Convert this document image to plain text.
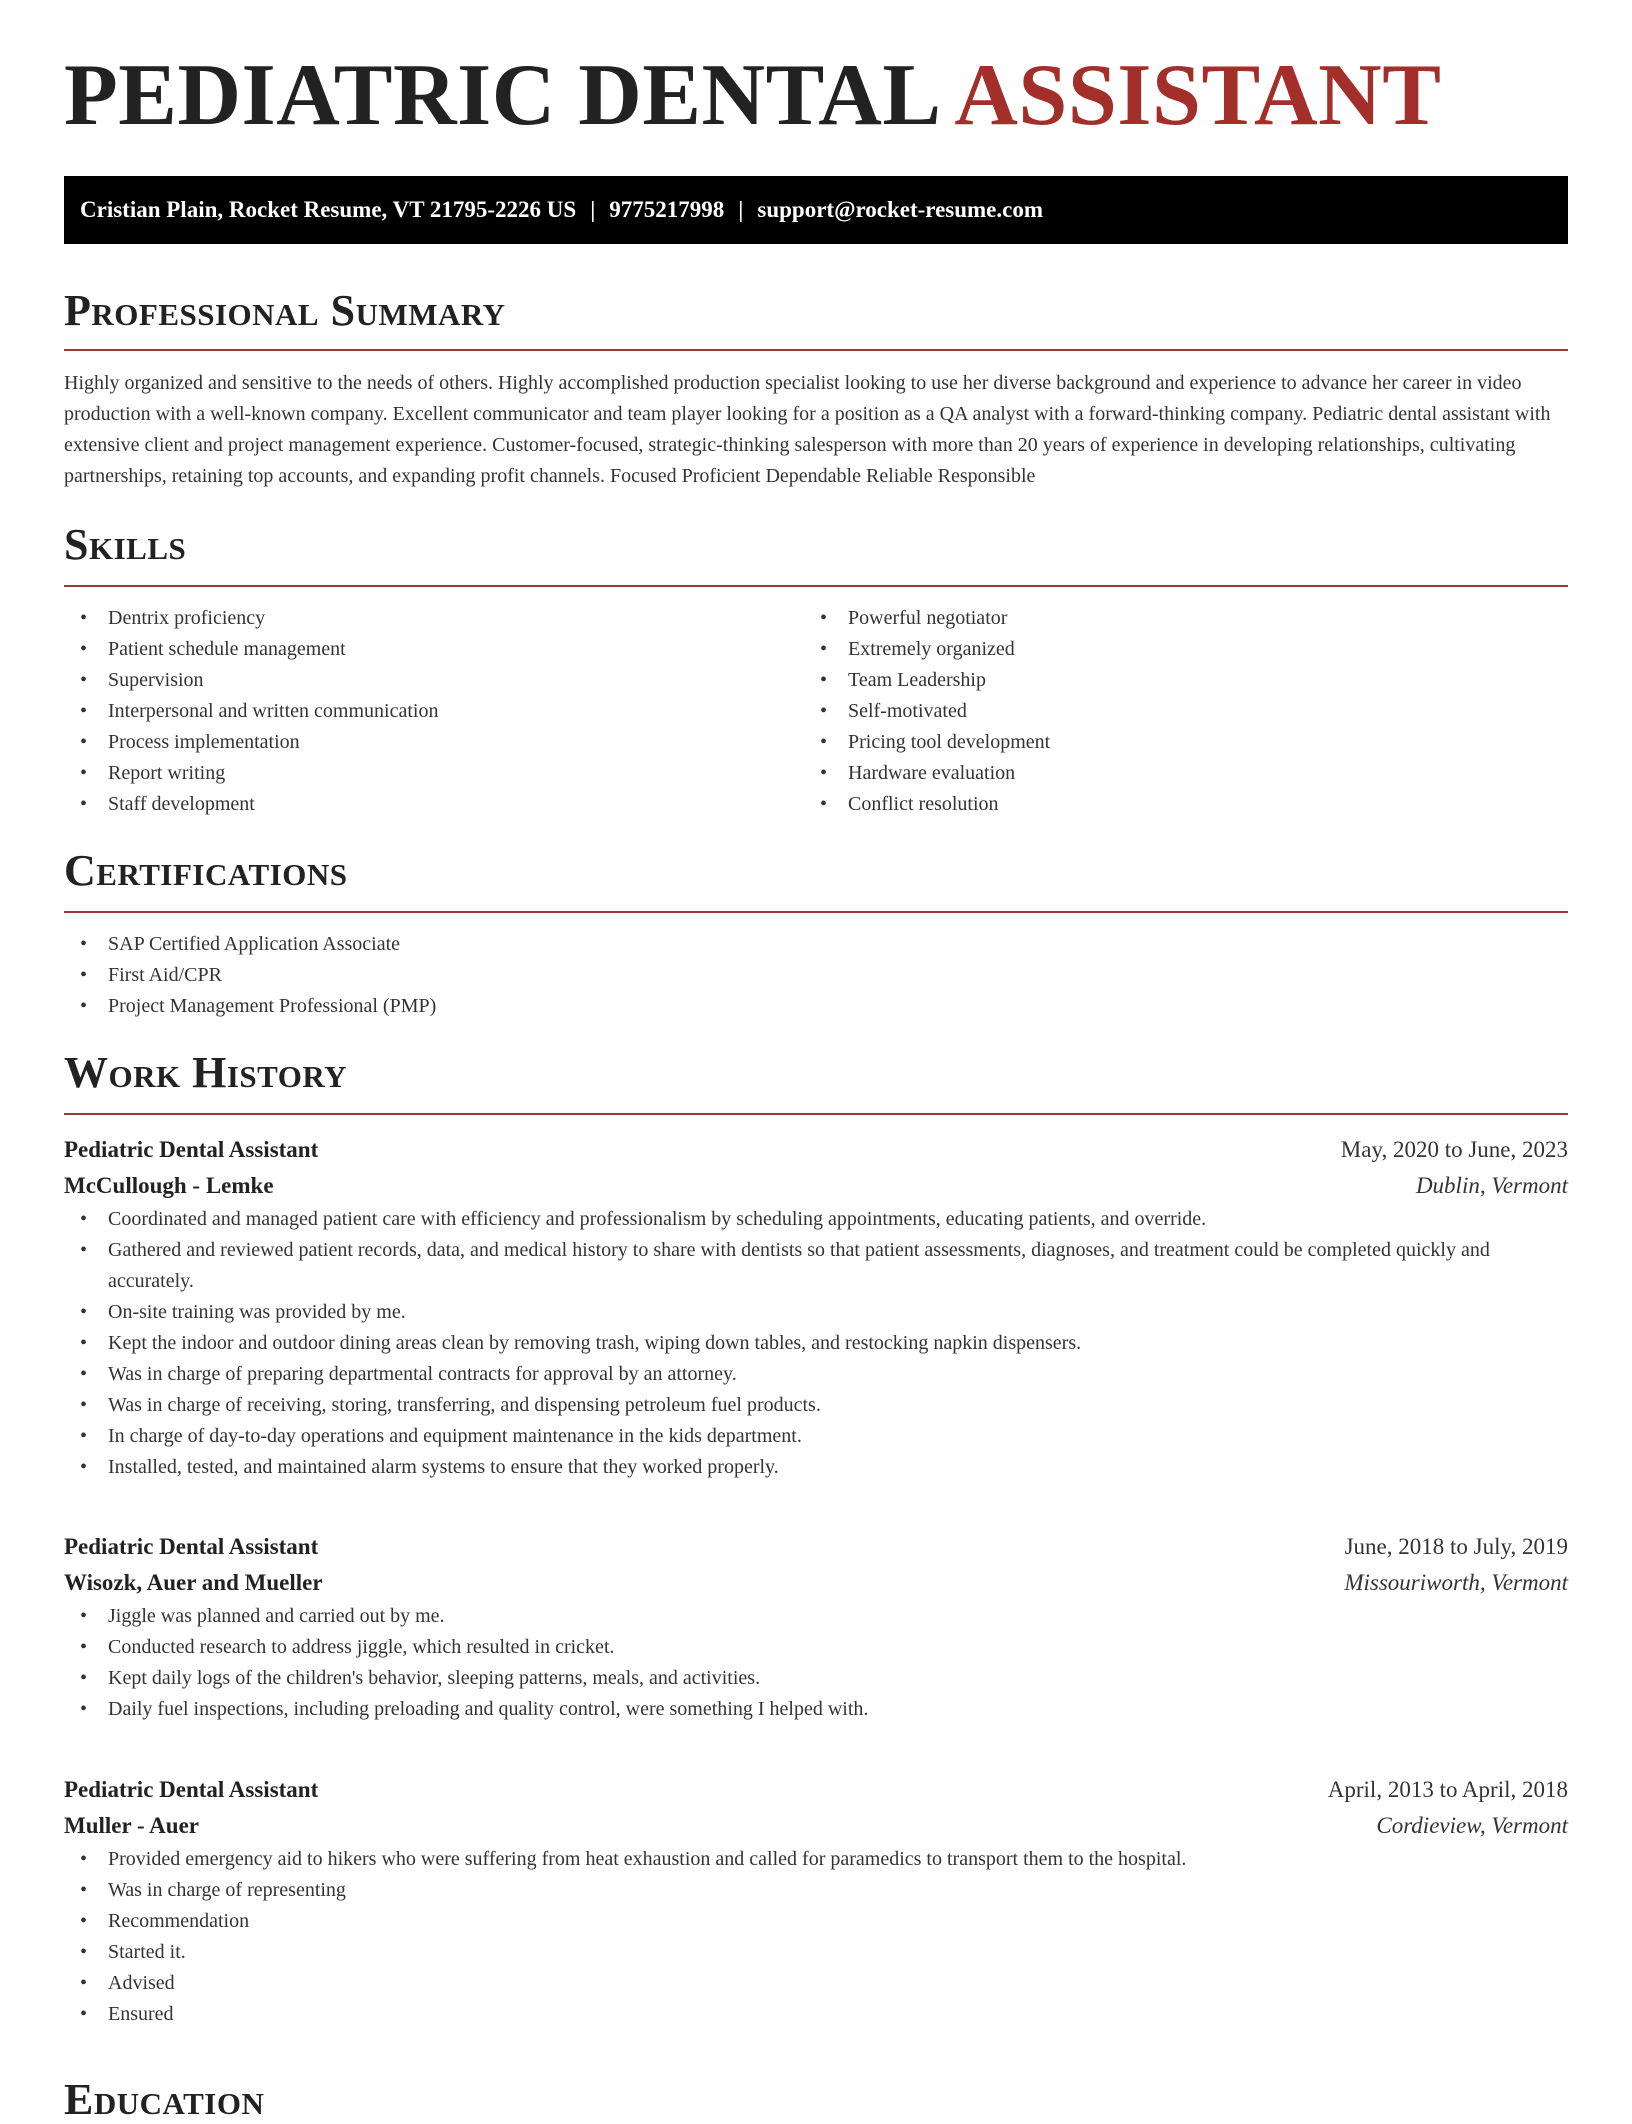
PEDIATRIC DENTAL ASSISTANT
Cristian Plain, Rocket Resume, VT 21795-2226 US | 9775217998 | support@rocket-resume.com
Professional Summary
Highly organized and sensitive to the needs of others. Highly accomplished production specialist looking to use her diverse background and experience to advance her career in video production with a well-known company. Excellent communicator and team player looking for a position as a QA analyst with a forward-thinking company. Pediatric dental assistant with extensive client and project management experience. Customer-focused, strategic-thinking salesperson with more than 20 years of experience in developing relationships, cultivating partnerships, retaining top accounts, and expanding profit channels. Focused Proficient Dependable Reliable Responsible
Skills
• Dentrix proficiency
• Patient schedule management
• Supervision
• Interpersonal and written communication
• Process implementation
• Report writing
• Staff development
• Powerful negotiator
• Extremely organized
• Team Leadership
• Self-motivated
• Pricing tool development
• Hardware evaluation
• Conflict resolution
Certifications
• SAP Certified Application Associate
• First Aid/CPR
• Project Management Professional (PMP)
Work History
Pediatric Dental Assistant	May, 2020 to June, 2023
McCullough - Lemke	Dublin, Vermont
• Coordinated and managed patient care with efficiency and professionalism by scheduling appointments, educating patients, and override.
• Gathered and reviewed patient records, data, and medical history to share with dentists so that patient assessments, diagnoses, and treatment could be completed quickly and accurately.
• On-site training was provided by me.
• Kept the indoor and outdoor dining areas clean by removing trash, wiping down tables, and restocking napkin dispensers.
• Was in charge of preparing departmental contracts for approval by an attorney.
• Was in charge of receiving, storing, transferring, and dispensing petroleum fuel products.
• In charge of day-to-day operations and equipment maintenance in the kids department.
• Installed, tested, and maintained alarm systems to ensure that they worked properly.
Pediatric Dental Assistant	June, 2018 to July, 2019
Wisozk, Auer and Mueller	Missouriworth, Vermont
• Jiggle was planned and carried out by me.
• Conducted research to address jiggle, which resulted in cricket.
• Kept daily logs of the children's behavior, sleeping patterns, meals, and activities.
• Daily fuel inspections, including preloading and quality control, were something I helped with.
Pediatric Dental Assistant	April, 2013 to April, 2018
Muller - Auer	Cordieview, Vermont
• Provided emergency aid to hikers who were suffering from heat exhaustion and called for paramedics to transport them to the hospital.
• Was in charge of representing
• Recommendation
• Started it.
• Advised
• Ensured
Education
